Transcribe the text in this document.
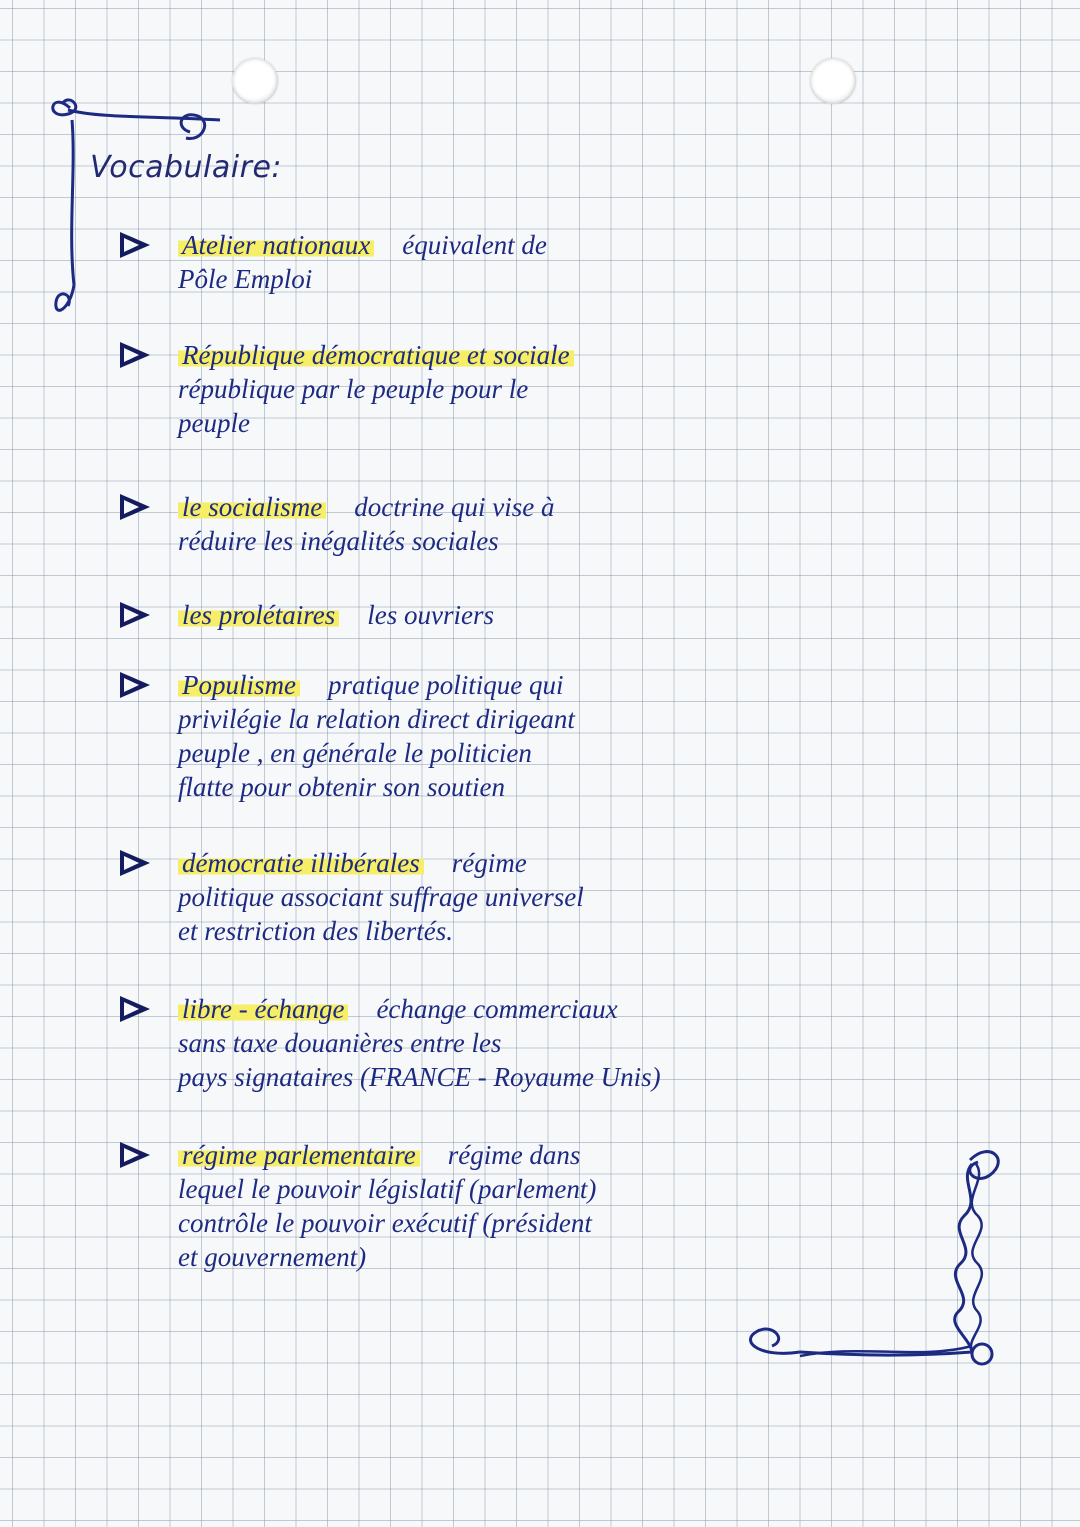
Vocabulaire:
Atelier nationaux équivalent de
Pôle Emploi
République démocratique et sociale
république par le peuple pour le
peuple
le socialisme doctrine qui vise à
réduire les inégalités sociales
les prolétaires les ouvriers
Populisme pratique politique qui
privilégie la relation direct dirigeant
peuple , en générale le politicien
flatte pour obtenir son soutien
démocratie illibérales régime
politique associant suffrage universel
et restriction des libertés.
libre - échange échange commerciaux
sans taxe douanières entre les
pays signataires (FRANCE - Royaume Unis)
régime parlementaire régime dans
lequel le pouvoir législatif (parlement)
contrôle le pouvoir exécutif (président
et gouvernement)
